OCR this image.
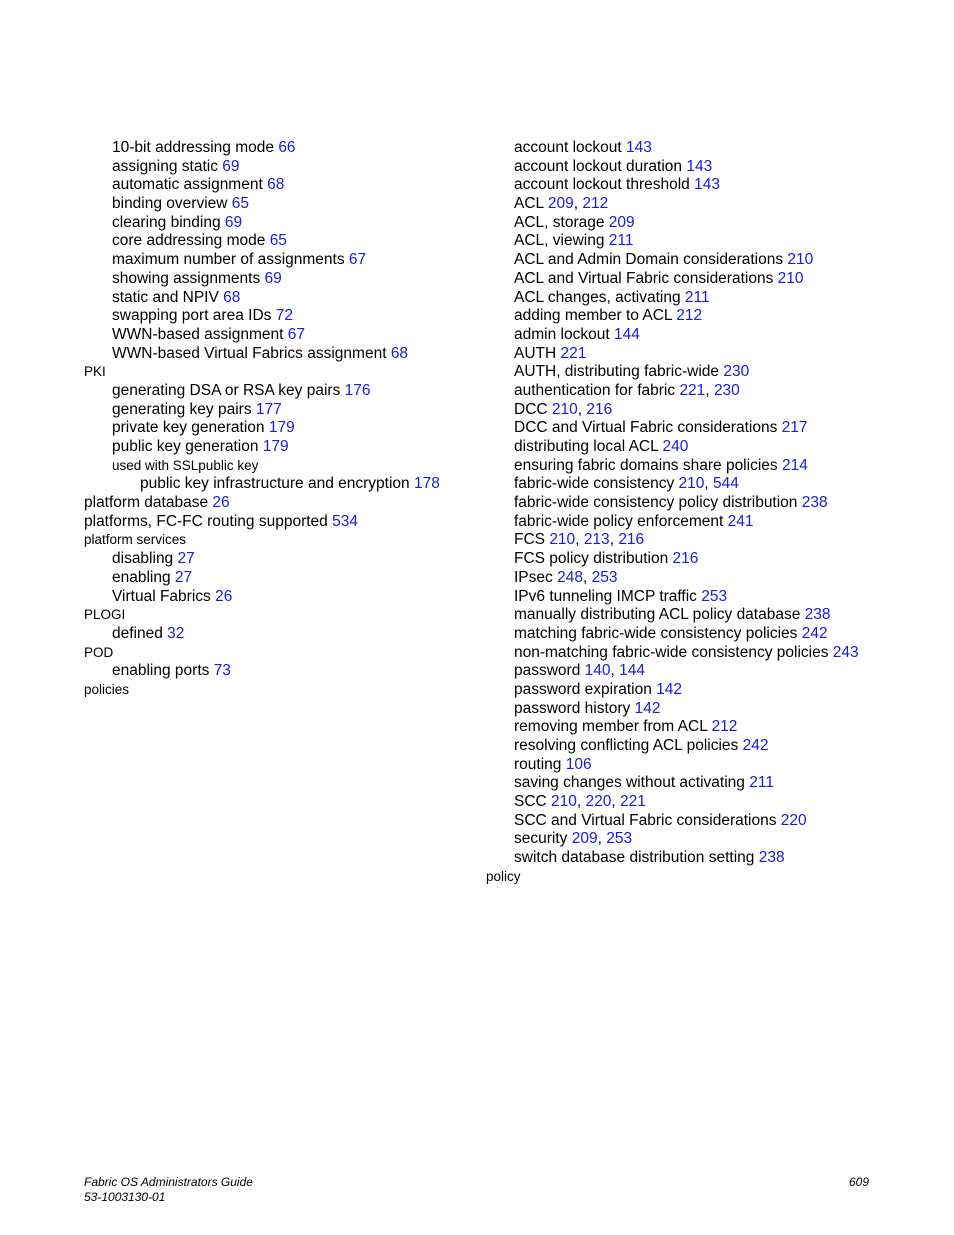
10-bit addressing mode 66
assigning static 69
automatic assignment 68
binding overview 65
clearing binding 69
core addressing mode 65
maximum number of assignments 67
showing assignments 69
static and NPIV 68
swapping port area IDs 72
WWN-based assignment 67
WWN-based Virtual Fabrics assignment 68
PKI
generating DSA or RSA key pairs 176
generating key pairs 177
private key generation 179
public key generation 179
used with SSLpublic key
public key infrastructure and encryption 178
platform database 26
platforms, FC-FC routing supported 534
platform services
disabling 27
enabling 27
Virtual Fabrics 26
PLOGI
defined 32
POD
enabling ports 73
policies
account lockout 143
account lockout duration 143
account lockout threshold 143
ACL 209, 212
ACL, storage 209
ACL, viewing 211
ACL and Admin Domain considerations 210
ACL and Virtual Fabric considerations 210
ACL changes, activating 211
adding member to ACL 212
admin lockout 144
AUTH 221
AUTH, distributing fabric-wide 230
authentication for fabric 221, 230
DCC 210, 216
DCC and Virtual Fabric considerations 217
distributing local ACL 240
ensuring fabric domains share policies 214
fabric-wide consistency 210, 544
fabric-wide consistency policy distribution 238
fabric-wide policy enforcement 241
FCS 210, 213, 216
FCS policy distribution 216
IPsec 248, 253
IPv6 tunneling IMCP traffic 253
manually distributing ACL policy database 238
matching fabric-wide consistency policies 242
non-matching fabric-wide consistency policies 243
password 140, 144
password expiration 142
password history 142
removing member from ACL 212
resolving conflicting ACL policies 242
routing 106
saving changes without activating 211
SCC 210, 220, 221
SCC and Virtual Fabric considerations 220
security 209, 253
switch database distribution setting 238
policy
Fabric OS Administrators Guide
53-1003130-01
609
